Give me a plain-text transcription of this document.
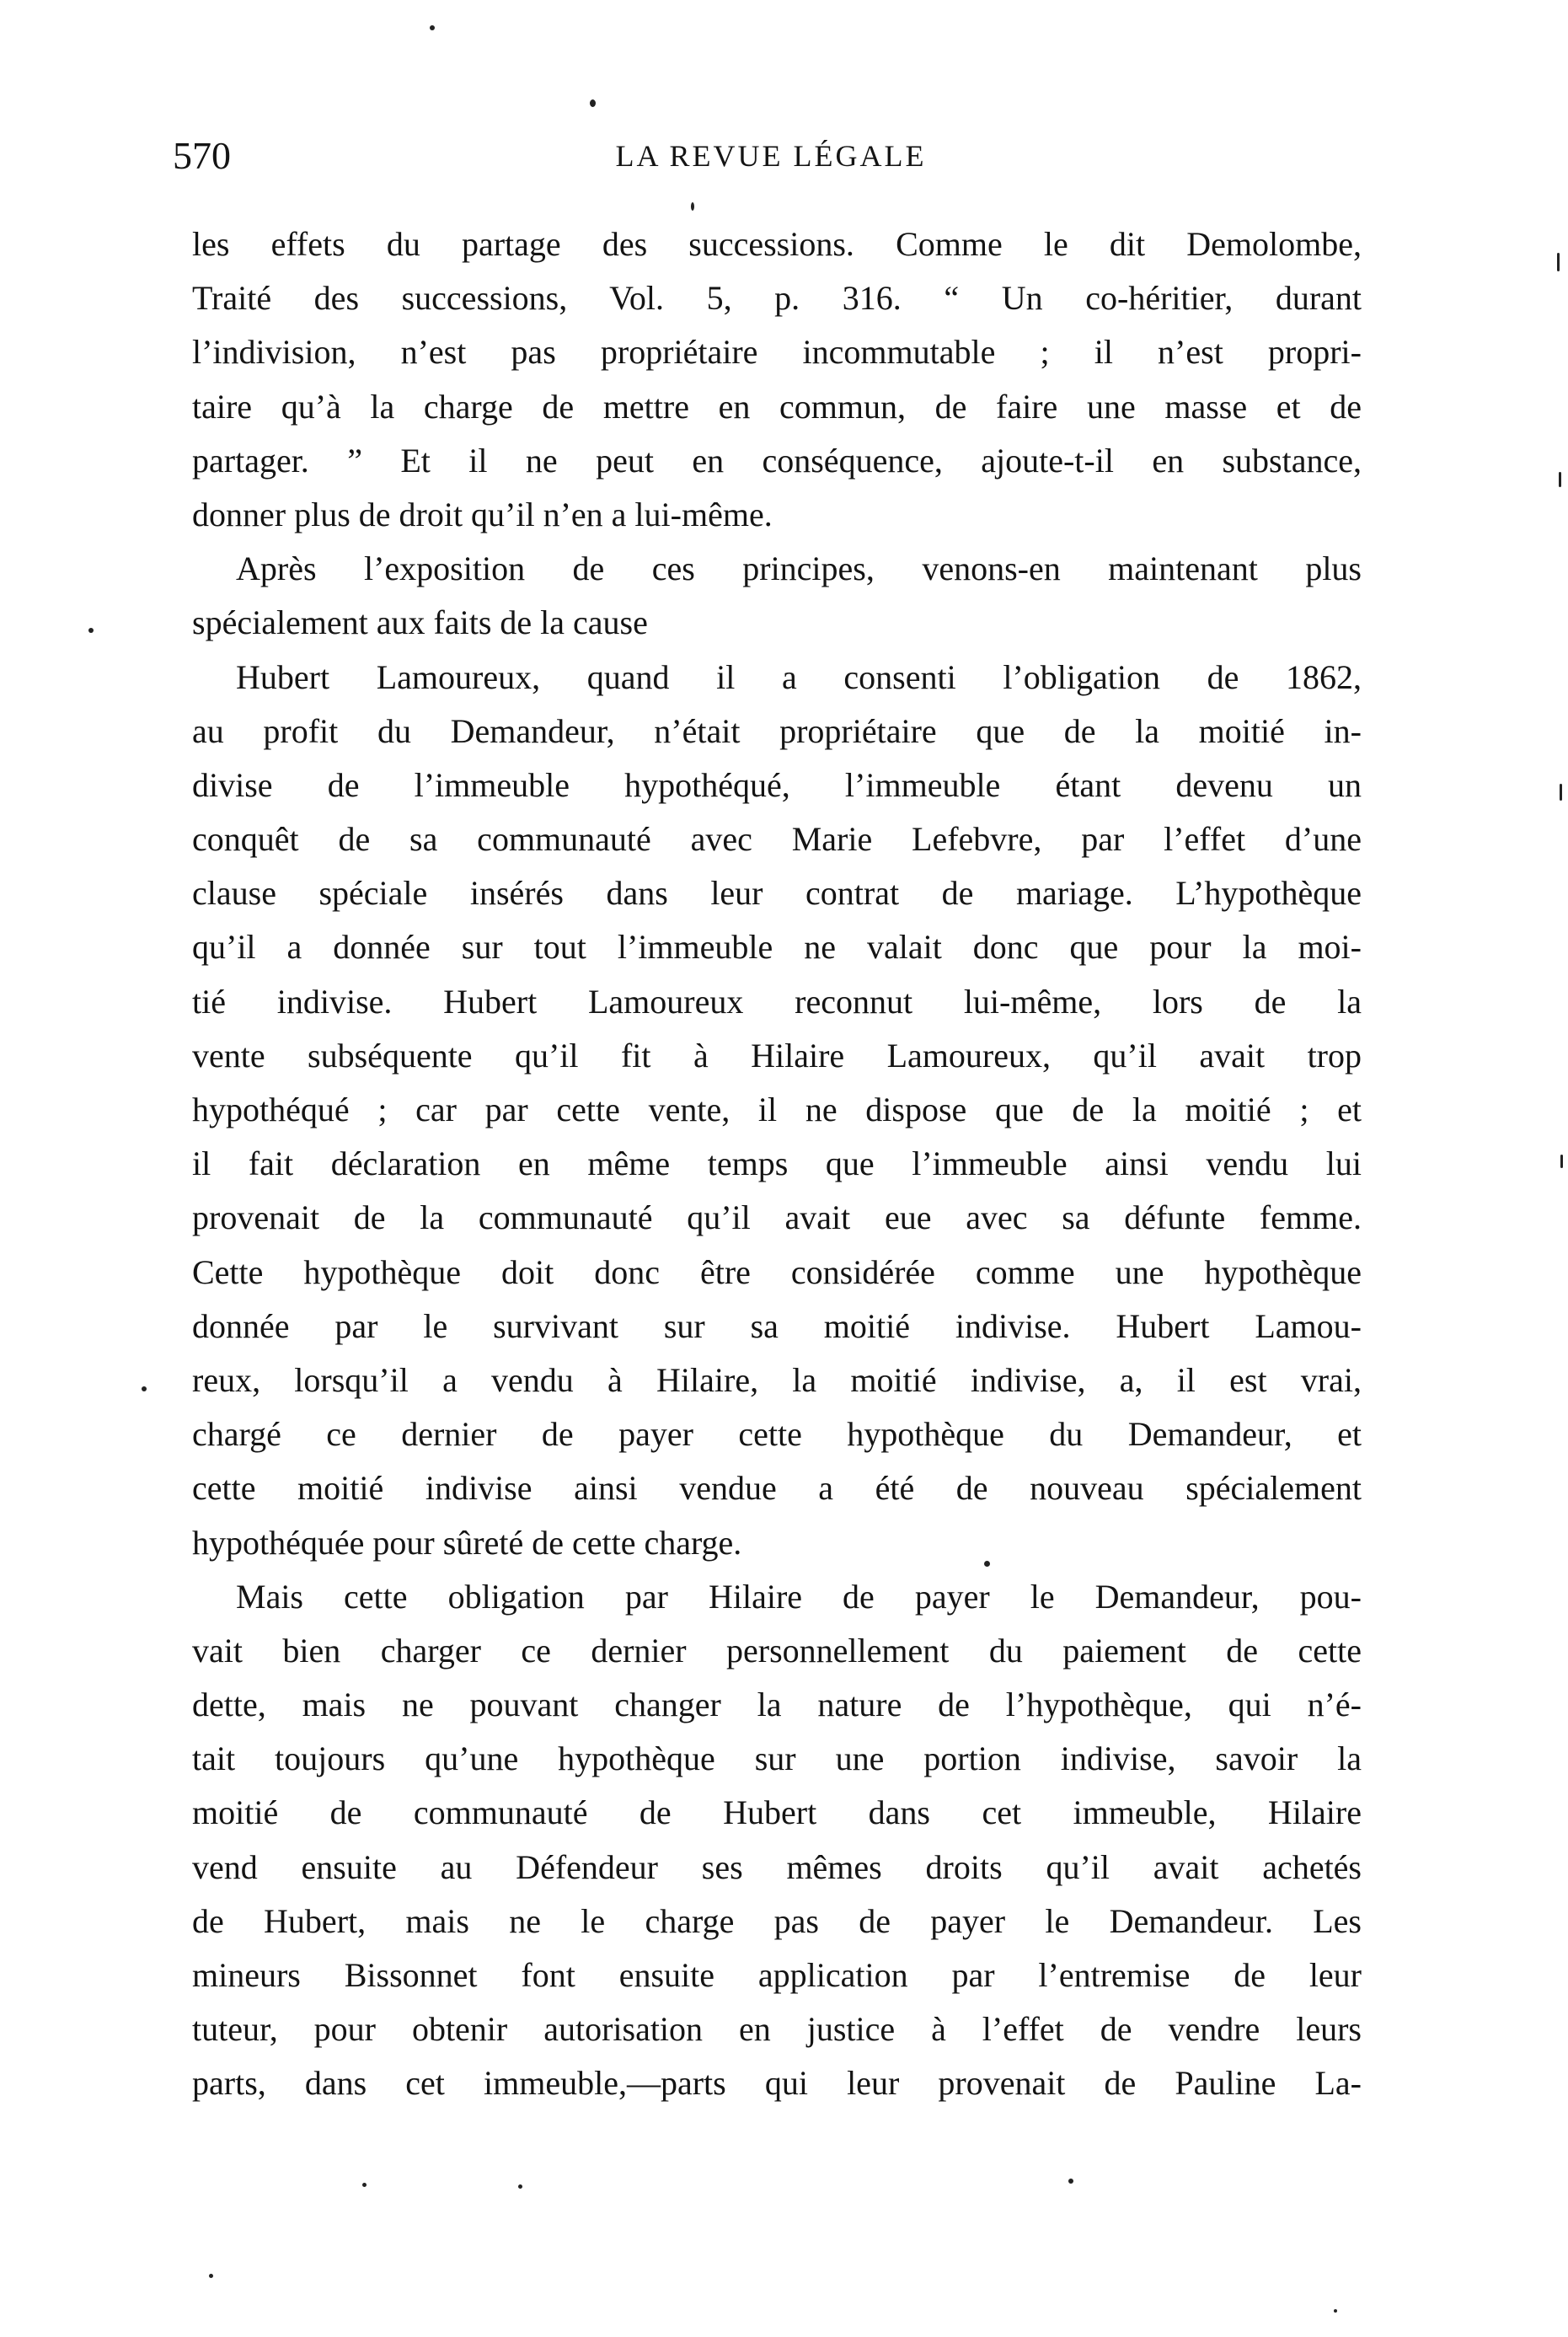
570	LA REVUE LÉGALE
les effets du partage des successions. Comme le dit Demolombe,
Traité des successions, Vol. 5, p. 316. “ Un co-héritier, durant
l’indivision, n’est pas propriétaire incommutable ; il n’est propri-
taire qu’à la charge de mettre en commun, de faire une masse et de
partager. ” Et il ne peut en conséquence, ajoute-t-il en substance,
donner plus de droit qu’il n’en a lui-même.
Après l’exposition de ces principes, venons-en maintenant plus
spécialement aux faits de la cause
Hubert Lamoureux, quand il a consenti l’obligation de 1862,
au profit du Demandeur, n’était propriétaire que de la moitié in-
divise de l’immeuble hypothéqué, l’immeuble étant devenu un
conquêt de sa communauté avec Marie Lefebvre, par l’effet d’une
clause spéciale insérés dans leur contrat de mariage. L’hypothèque
qu’il a donnée sur tout l’immeuble ne valait donc que pour la moi-
tié indivise. Hubert Lamoureux reconnut lui-même, lors de la
vente subséquente qu’il fit à Hilaire Lamoureux, qu’il avait trop
hypothéqué ; car par cette vente, il ne dispose que de la moitié ; et
il fait déclaration en même temps que l’immeuble ainsi vendu lui
provenait de la communauté qu’il avait eue avec sa défunte femme.
Cette hypothèque doit donc être considérée comme une hypothèque
donnée par le survivant sur sa moitié indivise. Hubert Lamou-
reux, lorsqu’il a vendu à Hilaire, la moitié indivise, a, il est vrai,
chargé ce dernier de payer cette hypothèque du Demandeur, et
cette moitié indivise ainsi vendue a été de nouveau spécialement
hypothéquée pour sûreté de cette charge.
Mais cette obligation par Hilaire de payer le Demandeur, pou-
vait bien charger ce dernier personnellement du paiement de cette
dette, mais ne pouvant changer la nature de l’hypothèque, qui n’é-
tait toujours qu’une hypothèque sur une portion indivise, savoir la
moitié de communauté de Hubert dans cet immeuble, Hilaire
vend ensuite au Défendeur ses mêmes droits qu’il avait achetés
de Hubert, mais ne le charge pas de payer le Demandeur. Les
mineurs Bissonnet font ensuite application par l’entremise de leur
tuteur, pour obtenir autorisation en justice à l’effet de vendre leurs
parts, dans cet immeuble,—parts qui leur provenait de Pauline La-
